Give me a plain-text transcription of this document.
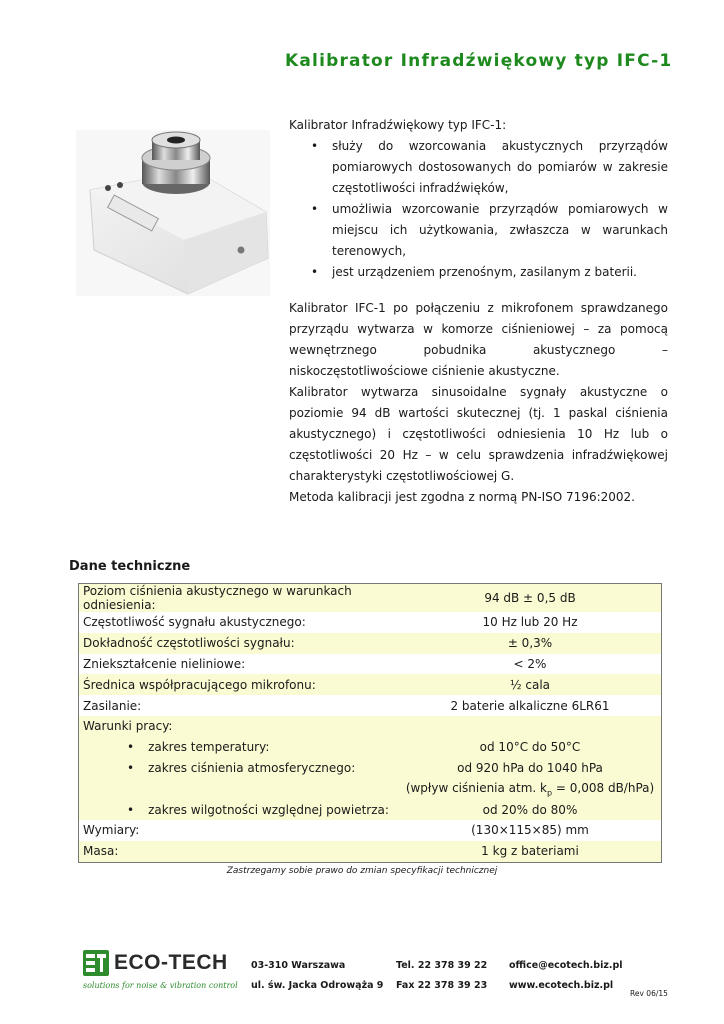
Kalibrator Infradźwiękowy typ IFC-1
Kalibrator Infradźwiękowy typ IFC-1:
• służy do wzorcowania akustycznych przyrządów pomiarowych dostosowanych do pomiarów w zakresie częstotliwości infradźwięków,
• umożliwia wzorcowanie przyrządów pomiarowych w miejscu ich użytkowania, zwłaszcza w warunkach terenowych,
• jest urządzeniem przenośnym, zasilanym z baterii.

Kalibrator IFC-1 po połączeniu z mikrofonem sprawdzanego przyrządu wytwarza w komorze ciśnieniowej – za pomocą wewnętrznego pobudnika akustycznego – niskoczęstotliwościowe ciśnienie akustyczne.

Kalibrator wytwarza sinusoidalne sygnały akustyczne o poziomie 94 dB wartości skutecznej (tj. 1 paskal ciśnienia akustycznego) i częstotliwości odniesienia 10 Hz lub o częstotliwości 20 Hz – w celu sprawdzenia infradźwiękowej charakterystyki częstotliwościowej G.

Metoda kalibracji jest zgodna z normą PN-ISO 7196:2002.

Dane techniczne
Poziom ciśnienia akustycznego w warunkach odniesienia:	94 dB ± 0,5 dB
Częstotliwość sygnału akustycznego:	10 Hz lub 20 Hz
Dokładność częstotliwości sygnału:	± 0,3%
Zniekształcenie nieliniowe:	< 2%
Średnica współpracującego mikrofonu:	½ cala
Zasilanie:	2 baterie alkaliczne 6LR61
Warunki pracy:	
• zakres temperatury:	od 10°C do 50°C
• zakres ciśnienia atmosferycznego:	od 920 hPa do 1040 hPa
	(wpływ ciśnienia atm. $k_p = 0,008$ dB/hPa)
• zakres wilgotności względnej powietrza:	od 20% do 80%
Wymiary:	(130×115×85) mm
Masa:	1 kg z bateriami
Zastrzegamy sobie prawo do zmian specyfikacji technicznej
ECO-TECH
solutions for noise & vibration control
03-310 Warszawa
ul. św. Jacka Odrowąża 9
Tel. 22 378 39 22
Fax 22 378 39 23
office@ecotech.biz.pl
www.ecotech.biz.pl
Rev 06/15
